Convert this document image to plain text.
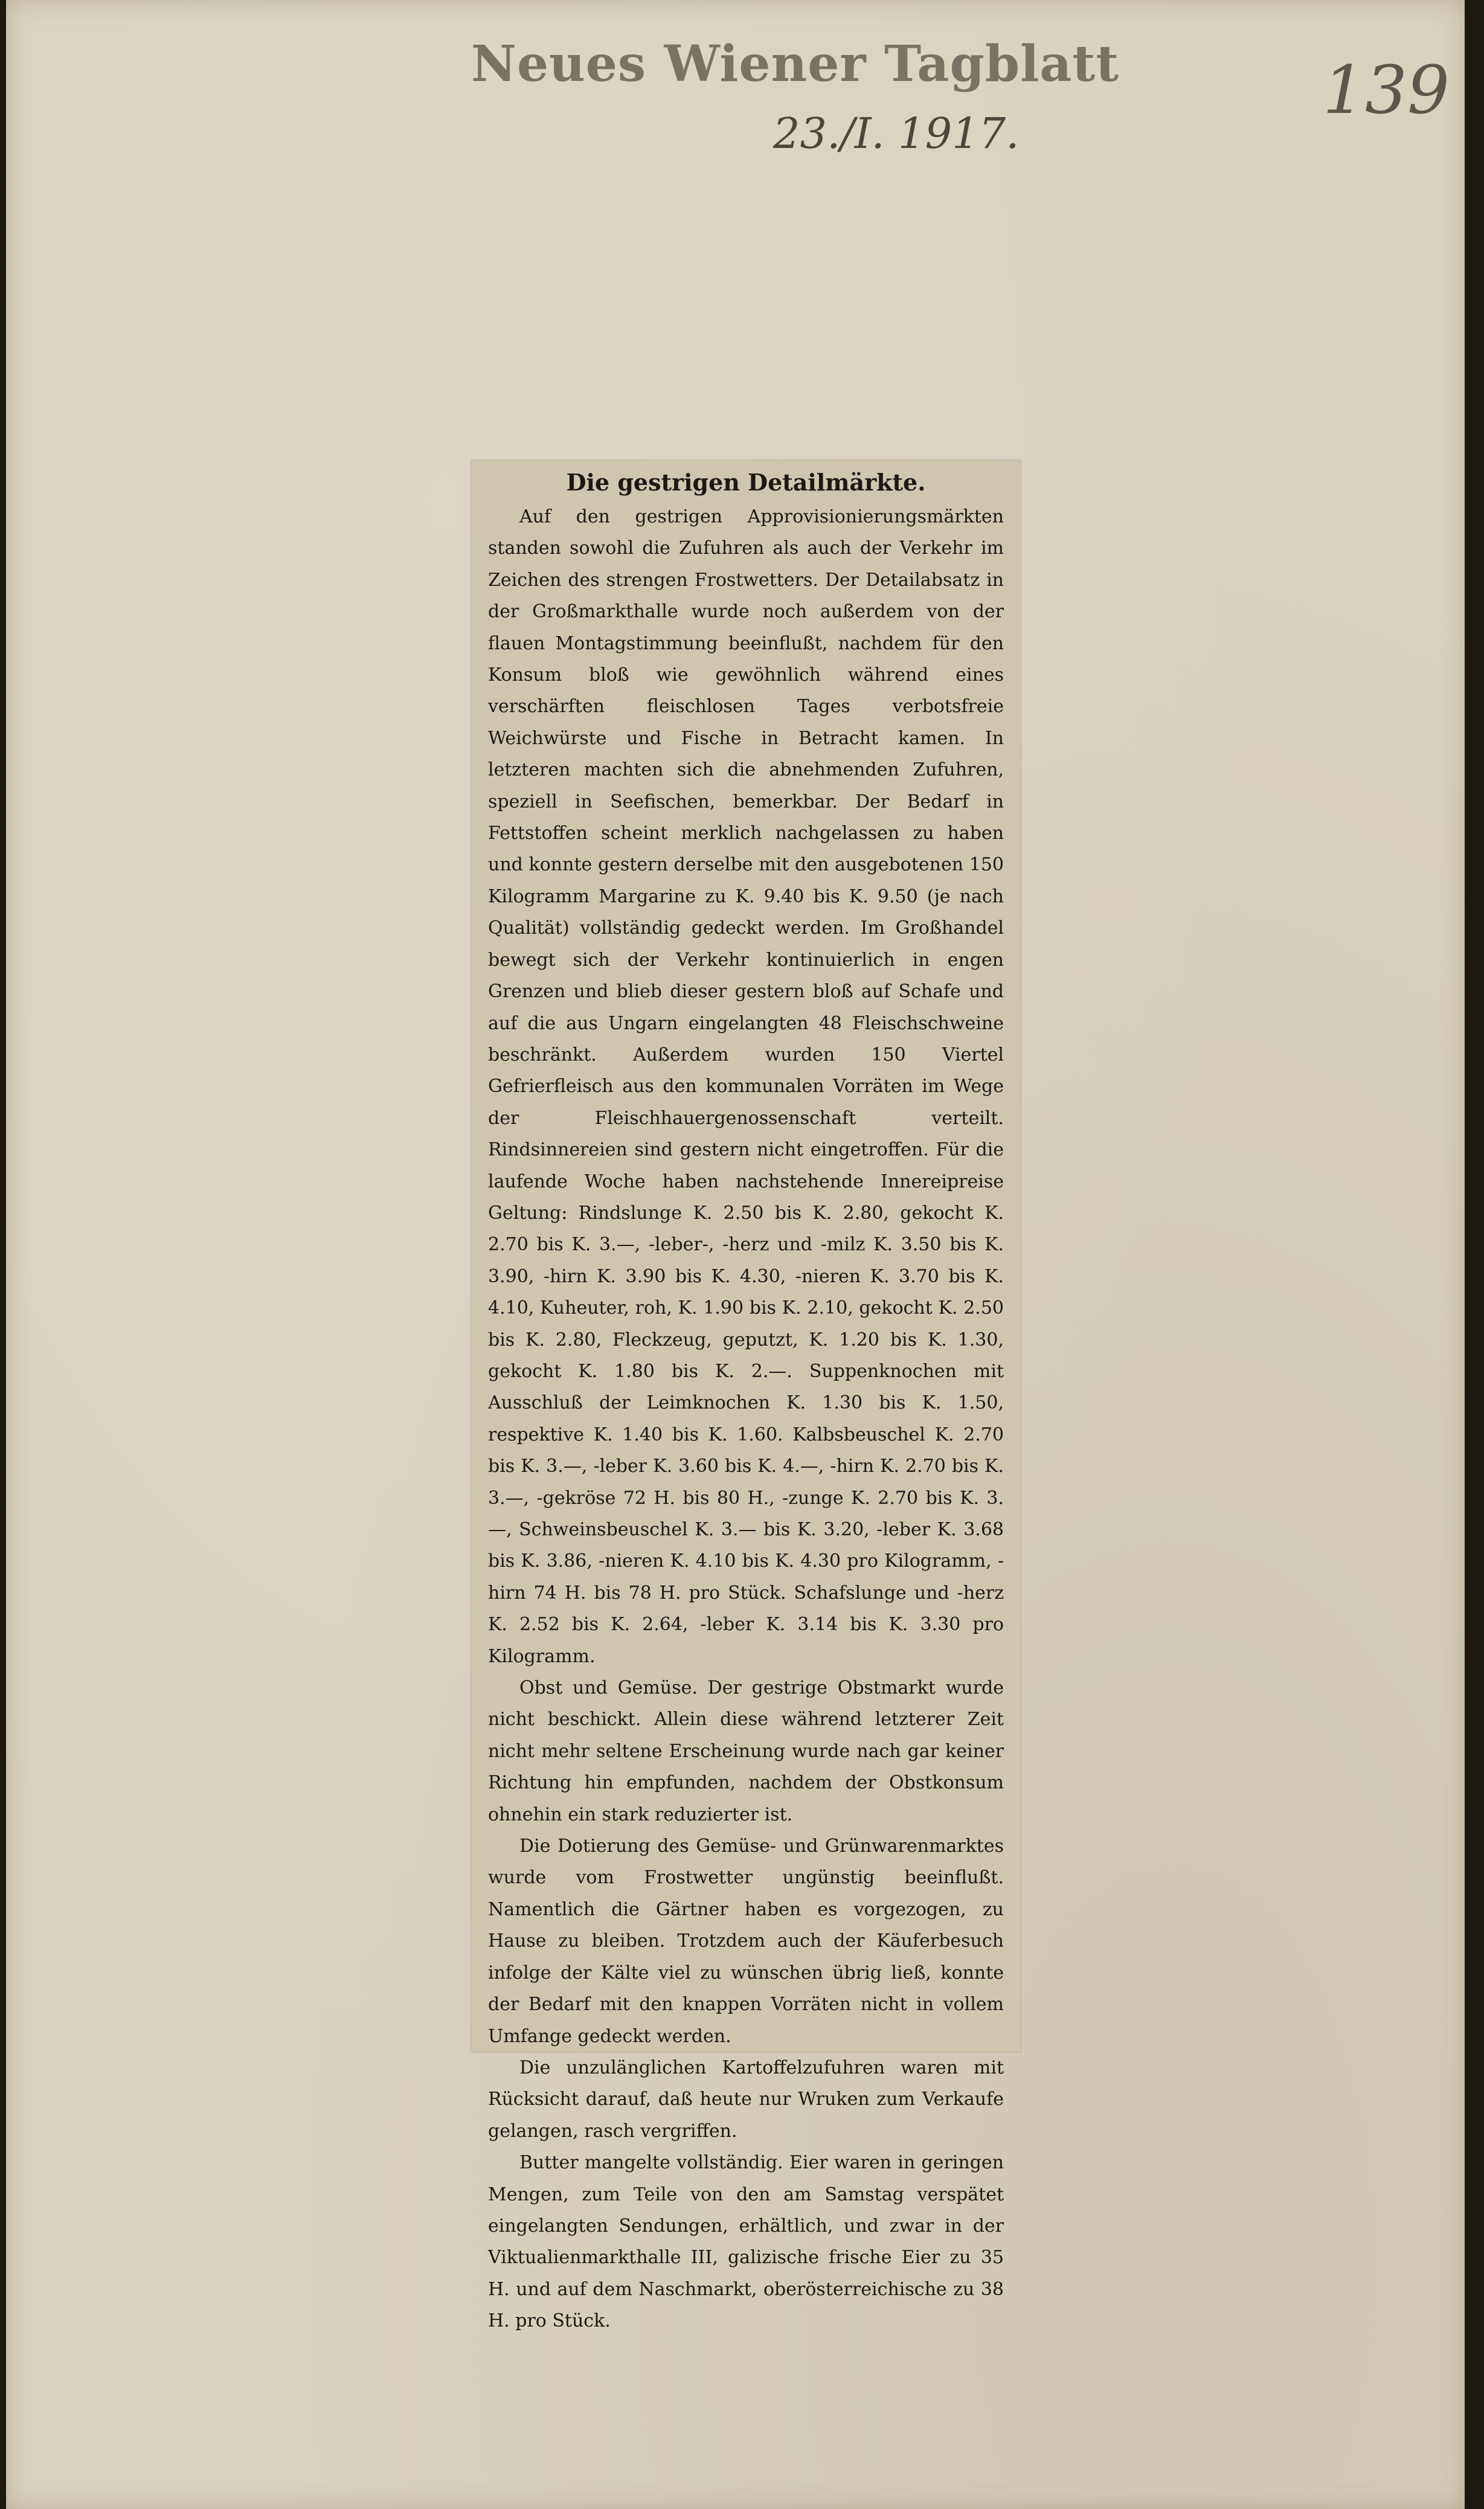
Neues Wiener Tagblatt
23./I. 1917.
139
Die gestrigen Detailmärkte.

Auf den gestrigen Approvisionierungsmärkten standen sowohl die Zufuhren als auch der Verkehr im Zeichen des strengen Frostwetters. Der Detailabsatz in der Großmarkthalle wurde noch außerdem von der flauen Montagstimmung beeinflußt, nachdem für den Konsum bloß wie gewöhnlich während eines verschärften fleischlosen Tages verbotsfreie Weichwürste und Fische in Betracht kamen. In letzteren machten sich die abnehmenden Zufuhren, speziell in Seefischen, bemerkbar. Der Bedarf in Fettstoffen scheint merklich nachgelassen zu haben und konnte gestern derselbe mit den ausgebotenen 150 Kilogramm Margarine zu K. 9.40 bis K. 9.50 (je nach Qualität) vollständig gedeckt werden. Im Großhandel bewegt sich der Verkehr kontinuierlich in engen Grenzen und blieb dieser gestern bloß auf Schafe und auf die aus Ungarn eingelangten 48 Fleischschweine beschränkt. Außerdem wurden 150 Viertel Gefrierfleisch aus den kommunalen Vorräten im Wege der Fleischhauergenossenschaft verteilt. Rindsinnereien sind gestern nicht eingetroffen. Für die laufende Woche haben nachstehende Innereipreise Geltung: Rindslunge K. 2.50 bis K. 2.80, gekocht K. 2.70 bis K. 3.—, -leber-, -herz und -milz K. 3.50 bis K. 3.90, -hirn K. 3.90 bis K. 4.30, -nieren K. 3.70 bis K. 4.10, Kuheuter, roh, K. 1.90 bis K. 2.10, gekocht K. 2.50 bis K. 2.80, Fleckzeug, geputzt, K. 1.20 bis K. 1.30, gekocht K. 1.80 bis K. 2.—. Suppenknochen mit Ausschluß der Leimknochen K. 1.30 bis K. 1.50, respektive K. 1.40 bis K. 1.60. Kalbsbeuschel K. 2.70 bis K. 3.—, -leber K. 3.60 bis K. 4.—, -hirn K. 2.70 bis K. 3.—, -gekröse 72 H. bis 80 H., -zunge K. 2.70 bis K. 3.—, Schweinsbeuschel K. 3.— bis K. 3.20, -leber K. 3.68 bis K. 3.86, -nieren K. 4.10 bis K. 4.30 pro Kilogramm, -hirn 74 H. bis 78 H. pro Stück. Schafslunge und -herz K. 2.52 bis K. 2.64, -leber K. 3.14 bis K. 3.30 pro Kilogramm.

Obst und Gemüse. Der gestrige Obstmarkt wurde nicht beschickt. Allein diese während letzterer Zeit nicht mehr seltene Erscheinung wurde nach gar keiner Richtung hin empfunden, nachdem der Obstkonsum ohnehin ein stark reduzierter ist.

Die Dotierung des Gemüse- und Grünwarenmarktes wurde vom Frostwetter ungünstig beeinflußt. Namentlich die Gärtner haben es vorgezogen, zu Hause zu bleiben. Trotzdem auch der Käuferbesuch infolge der Kälte viel zu wünschen übrig ließ, konnte der Bedarf mit den knappen Vorräten nicht in vollem Umfange gedeckt werden.

Die unzulänglichen Kartoffelzufuhren waren mit Rücksicht darauf, daß heute nur Wruken zum Verkaufe gelangen, rasch vergriffen.

Butter mangelte vollständig. Eier waren in geringen Mengen, zum Teile von den am Samstag verspätet eingelangten Sendungen, erhältlich, und zwar in der Viktualienmarkthalle III, galizische frische Eier zu 35 H. und auf dem Naschmarkt, oberösterreichische zu 38 H. pro Stück.
